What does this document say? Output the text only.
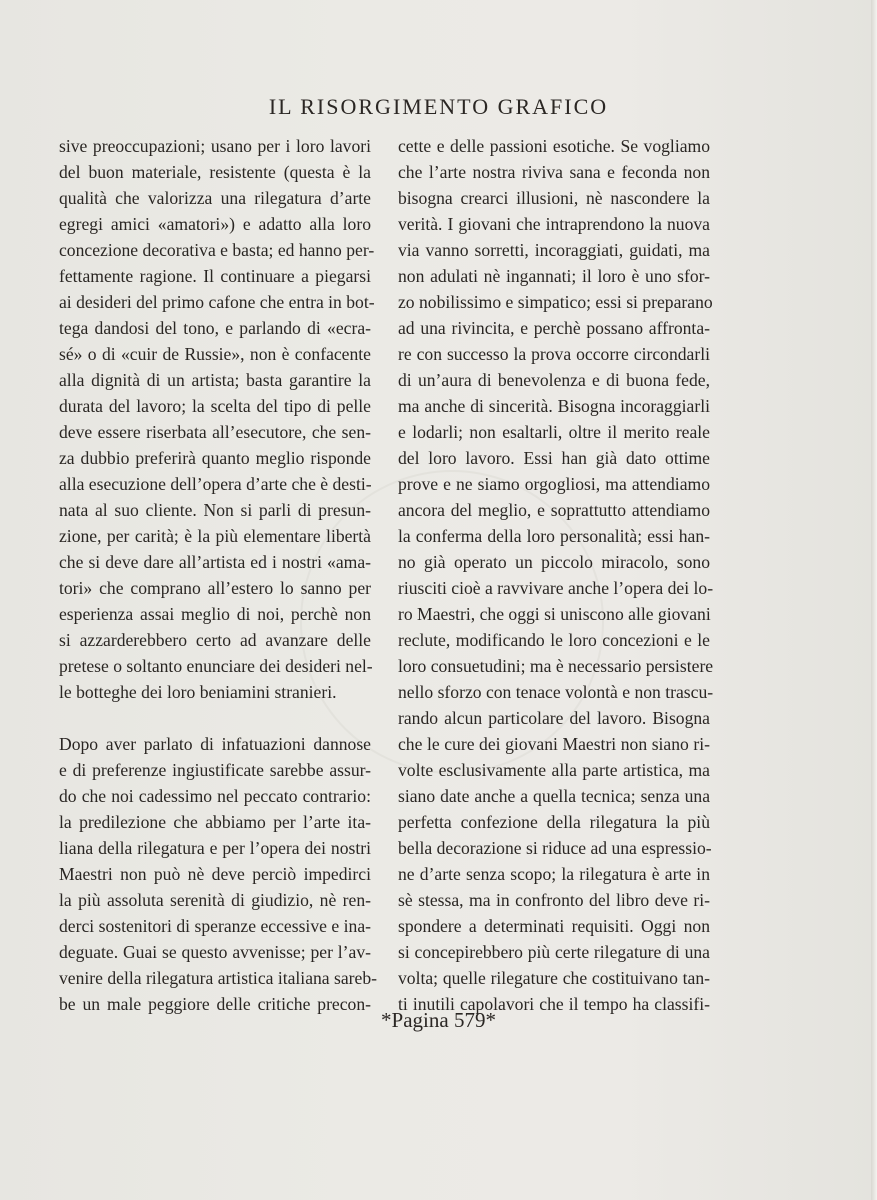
IL RISORGIMENTO GRAFICO
sive preoccupazioni; usano per i loro lavori
del buon materiale, resistente (questa è la
qualità che valorizza una rilegatura d’arte
egregi amici «amatori») e adatto alla loro
concezione decorativa e basta; ed hanno per-
fettamente ragione. Il continuare a piegarsi
ai desideri del primo cafone che entra in bot-
tega dandosi del tono, e parlando di «ecra-
sé» o di «cuir de Russie», non è confacente
alla dignità di un artista; basta garantire la
durata del lavoro; la scelta del tipo di pelle
deve essere riserbata all’esecutore, che sen-
za dubbio preferirà quanto meglio risponde
alla esecuzione dell’opera d’arte che è desti-
nata al suo cliente. Non si parli di presun-
zione, per carità; è la più elementare libertà
che si deve dare all’artista ed i nostri «ama-
tori» che comprano all’estero lo sanno per
esperienza assai meglio di noi, perchè non
si azzarderebbero certo ad avanzare delle
pretese o soltanto enunciare dei desideri nel-
le botteghe dei loro beniamini stranieri.
Dopo aver parlato di infatuazioni dannose
e di preferenze ingiustificate sarebbe assur-
do che noi cadessimo nel peccato contrario:
la predilezione che abbiamo per l’arte ita-
liana della rilegatura e per l’opera dei nostri
Maestri non può nè deve perciò impedirci
la più assoluta serenità di giudizio, nè ren-
derci sostenitori di speranze eccessive e ina-
deguate. Guai se questo avvenisse; per l’av-
venire della rilegatura artistica italiana sareb-
be un male peggiore delle critiche precon-
cette e delle passioni esotiche. Se vogliamo
che l’arte nostra riviva sana e feconda non
bisogna crearci illusioni, nè nascondere la
verità. I giovani che intraprendono la nuova
via vanno sorretti, incoraggiati, guidati, ma
non adulati nè ingannati; il loro è uno sfor-
zo nobilissimo e simpatico; essi si preparano
ad una rivincita, e perchè possano affronta-
re con successo la prova occorre circondarli
di un’aura di benevolenza e di buona fede,
ma anche di sincerità. Bisogna incoraggiarli
e lodarli; non esaltarli, oltre il merito reale
del loro lavoro. Essi han già dato ottime
prove e ne siamo orgogliosi, ma attendiamo
ancora del meglio, e soprattutto attendiamo
la conferma della loro personalità; essi han-
no già operato un piccolo miracolo, sono
riusciti cioè a ravvivare anche l’opera dei lo-
ro Maestri, che oggi si uniscono alle giovani
reclute, modificando le loro concezioni e le
loro consuetudini; ma è necessario persistere
nello sforzo con tenace volontà e non trascu-
rando alcun particolare del lavoro. Bisogna
che le cure dei giovani Maestri non siano ri-
volte esclusivamente alla parte artistica, ma
siano date anche a quella tecnica; senza una
perfetta confezione della rilegatura la più
bella decorazione si riduce ad una espressio-
ne d’arte senza scopo; la rilegatura è arte in
sè stessa, ma in confronto del libro deve ri-
spondere a determinati requisiti. Oggi non
si concepirebbero più certe rilegature di una
volta; quelle rilegature che costituivano tan-
ti inutili capolavori che il tempo ha classifi-
*Pagina 579*
